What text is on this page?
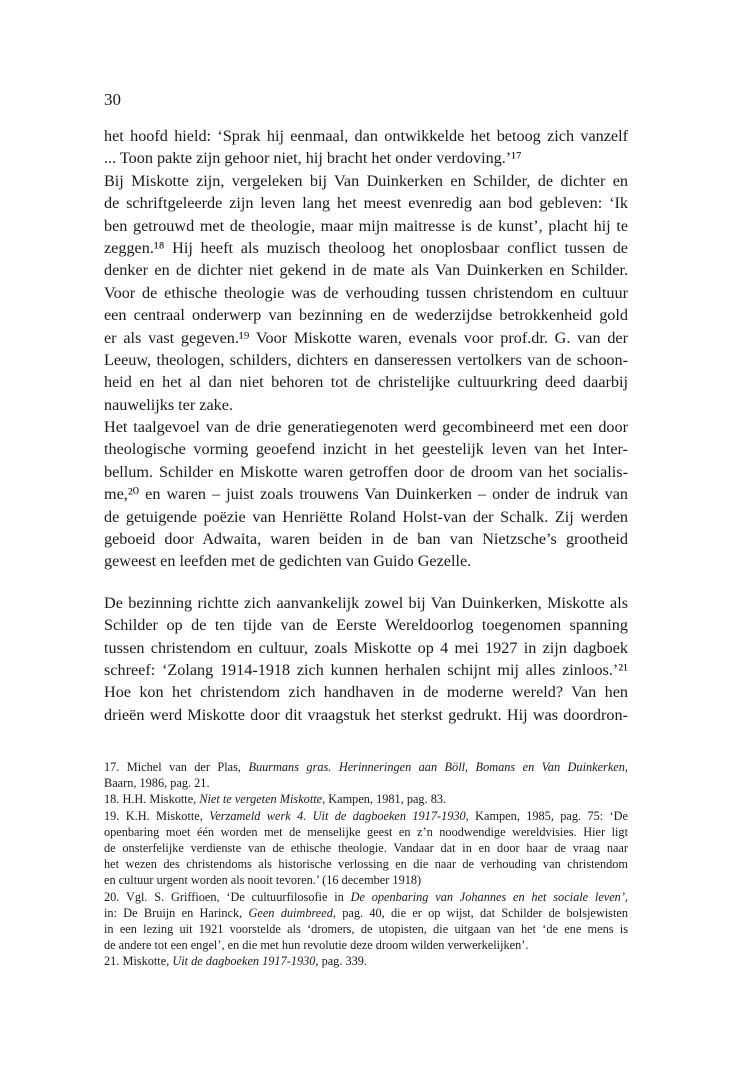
30
het hoofd hield: ‘Sprak hij eenmaal, dan ontwikkelde het betoog zich vanzelf
... Toon pakte zijn gehoor niet, hij bracht het onder verdoving.’¹⁷
Bij Miskotte zijn, vergeleken bij Van Duinkerken en Schilder, de dichter en
de schriftgeleerde zijn leven lang het meest evenredig aan bod gebleven: ‘Ik
ben getrouwd met de theologie, maar mijn maitresse is de kunst’, placht hij te
zeggen.¹⁸ Hij heeft als muzisch theoloog het onoplosbaar conflict tussen de
denker en de dichter niet gekend in de mate als Van Duinkerken en Schilder.
Voor de ethische theologie was de verhouding tussen christendom en cultuur
een centraal onderwerp van bezinning en de wederzijdse betrokkenheid gold
er als vast gegeven.¹⁹ Voor Miskotte waren, evenals voor prof.dr. G. van der
Leeuw, theologen, schilders, dichters en danseressen vertolkers van de schoon-
heid en het al dan niet behoren tot de christelijke cultuurkring deed daarbij
nauwelijks ter zake.
Het taalgevoel van de drie generatiegenoten werd gecombineerd met een door
theologische vorming geoefend inzicht in het geestelijk leven van het Inter-
bellum. Schilder en Miskotte waren getroffen door de droom van het socialis-
me,²⁰ en waren – juist zoals trouwens Van Duinkerken – onder de indruk van
de getuigende poëzie van Henriëtte Roland Holst-van der Schalk. Zij werden
geboeid door Adwaita, waren beiden in de ban van Nietzsche’s grootheid
geweest en leefden met de gedichten van Guido Gezelle.
De bezinning richtte zich aanvankelijk zowel bij Van Duinkerken, Miskotte als
Schilder op de ten tijde van de Eerste Wereldoorlog toegenomen spanning
tussen christendom en cultuur, zoals Miskotte op 4 mei 1927 in zijn dagboek
schreef: ‘Zolang 1914-1918 zich kunnen herhalen schijnt mij alles zinloos.’²¹
Hoe kon het christendom zich handhaven in de moderne wereld? Van hen
drieën werd Miskotte door dit vraagstuk het sterkst gedrukt. Hij was doordron-
17. Michel van der Plas, Buurmans gras. Herinneringen aan Böll, Bomans en Van Duinkerken,
Baarn, 1986, pag. 21.
18. H.H. Miskotte, Niet te vergeten Miskotte, Kampen, 1981, pag. 83.
19. K.H. Miskotte, Verzameld werk 4. Uit de dagboeken 1917-1930, Kampen, 1985, pag. 75: ‘De
openbaring moet één worden met de menselijke geest en z’n noodwendige wereldvisies. Hier ligt
de onsterfelijke verdienste van de ethische theologie. Vandaar dat in en door haar de vraag naar
het wezen des christendoms als historische verlossing en die naar de verhouding van christendom
en cultuur urgent worden als nooit tevoren.’ (16 december 1918)
20. Vgl. S. Griffioen, ‘De cultuurfilosofie in De openbaring van Johannes en het sociale leven’,
in: De Bruijn en Harinck, Geen duimbreed, pag. 40, die er op wijst, dat Schilder de bolsjewisten
in een lezing uit 1921 voorstelde als ‘dromers, de utopisten, die uitgaan van het ‘de ene mens is
de andere tot een engel’, en die met hun revolutie deze droom wilden verwerkelijken’.
21. Miskotte, Uit de dagboeken 1917-1930, pag. 339.
